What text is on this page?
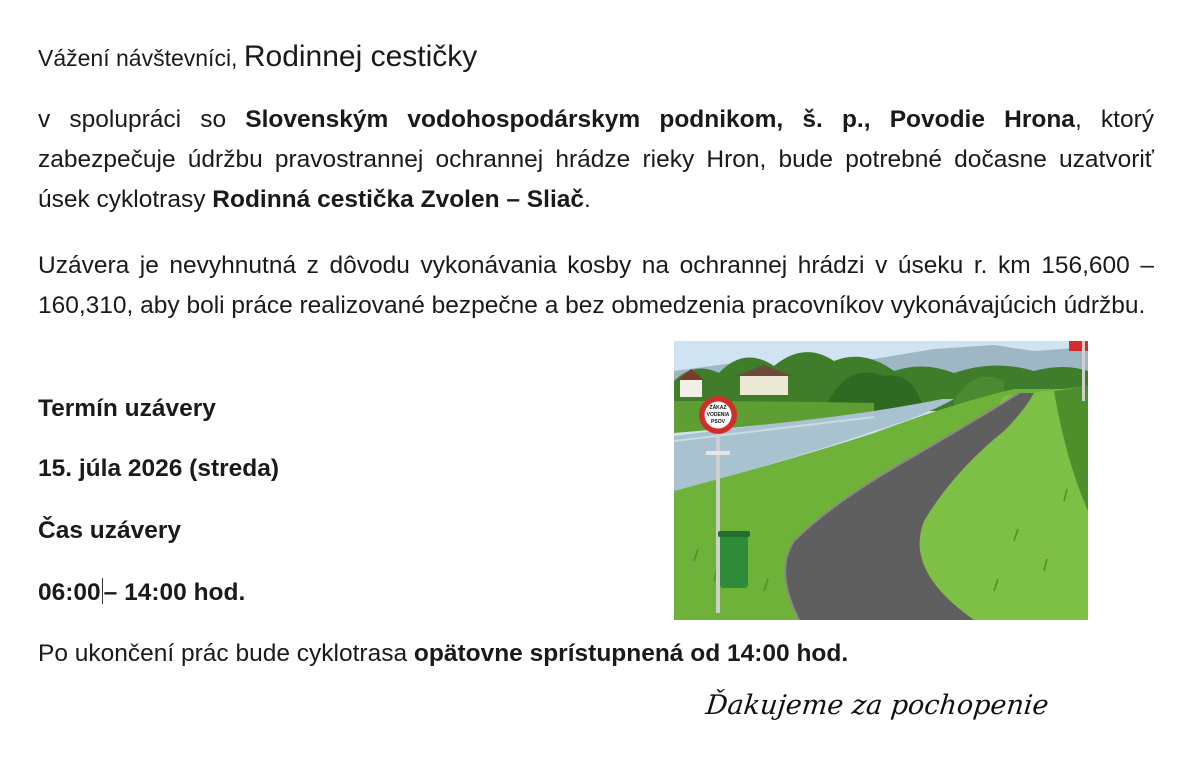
Vážení návštevníci, Rodinnej cestičky

v spolupráci so Slovenským vodohospodárskym podnikom, š. p., Povodie Hrona, ktorý zabezpečuje údržbu pravostrannej ochrannej hrádze rieky Hron, bude potrebné dočasne uzatvoriť úsek cyklotrasy Rodinná cestička Zvolen – Sliač.

Uzávera je nevyhnutná z dôvodu vykonávania kosby na ochrannej hrádzi v úseku r. km 156,600 – 160,310, aby boli práce realizované bezpečne a bez obmedzenia pracovníkov vykonávajúcich údržbu.

Termín uzávery
15. júla 2026 (streda)
Čas uzávery
06:00 – 14:00 hod.
Po ukončení prác bude cyklotrasa opätovne sprístupnená od 14:00 hod.
Ďakujeme za pochopenie
ZÁKAZ
VODENIA
PSOV
